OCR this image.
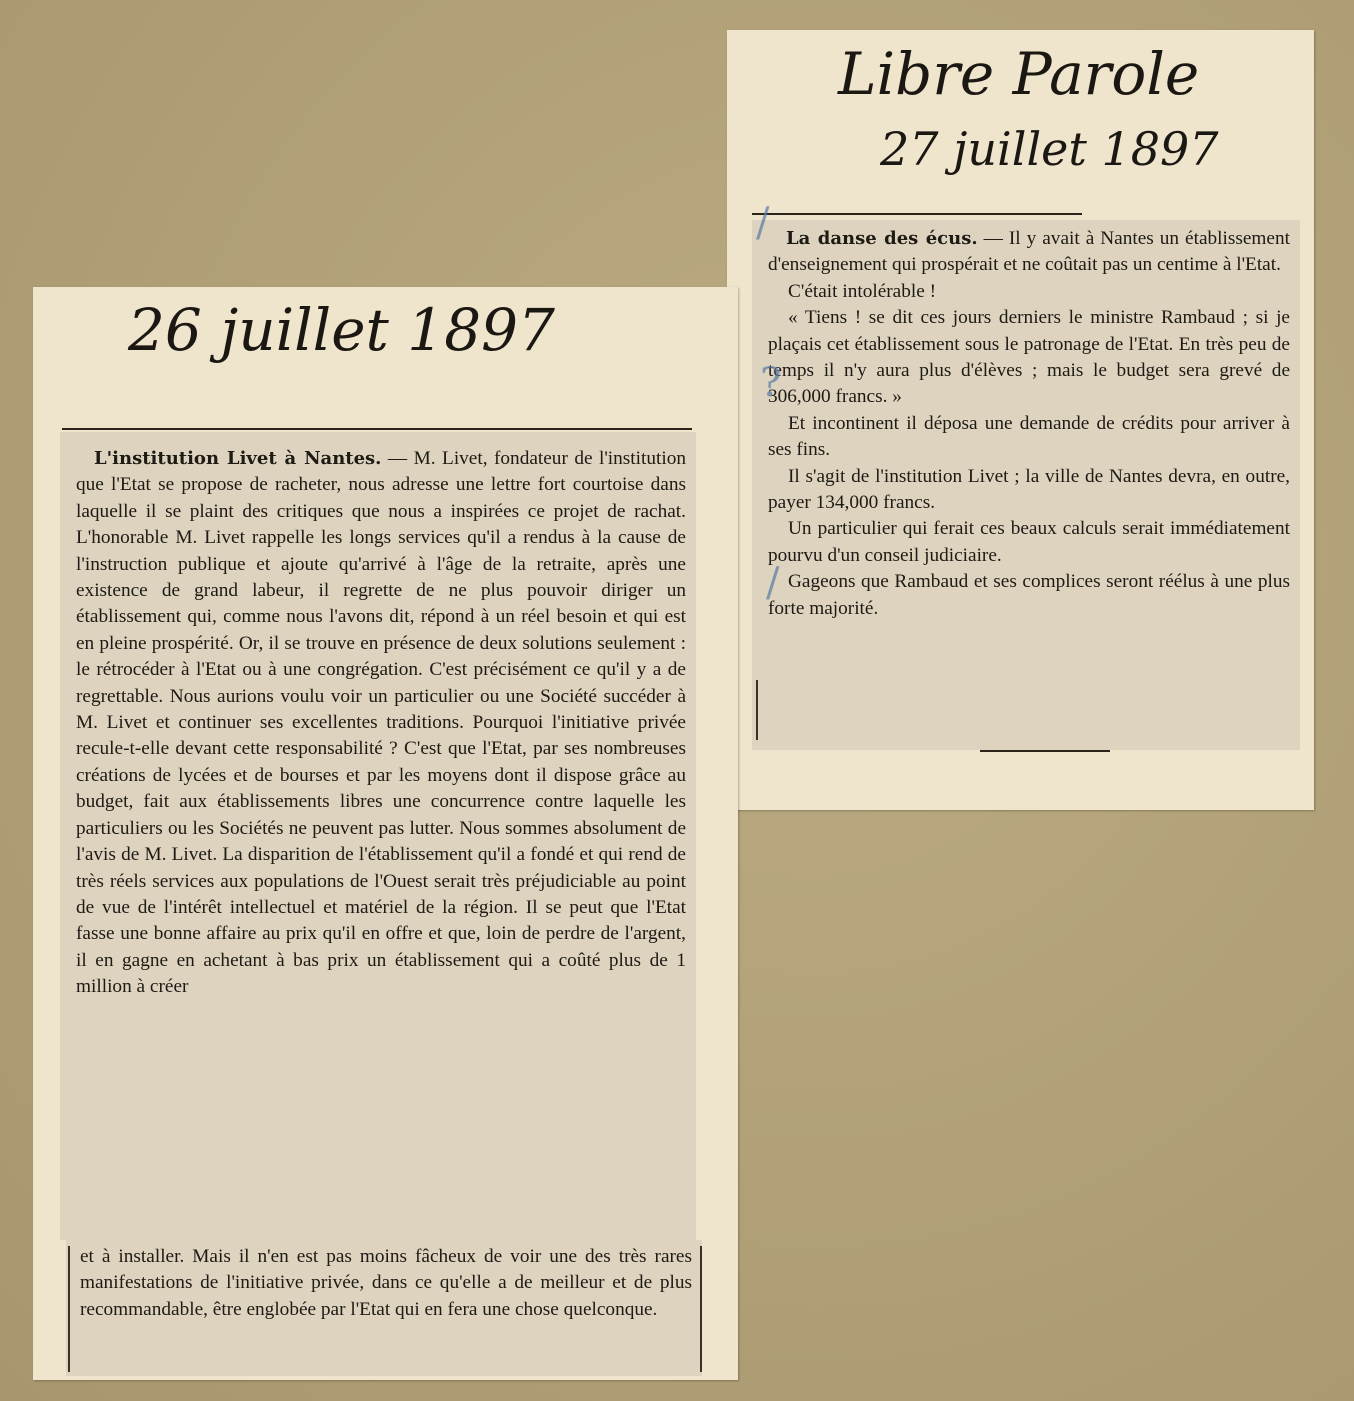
Libre Parole
27 juillet 1897

La danse des écus. — Il y avait à Nantes un établissement d'enseignement qui prospérait et ne coûtait pas un centime à l'Etat.

C'était intolérable !

« Tiens ! se dit ces jours derniers le ministre Rambaud ; si je plaçais cet établissement sous le patronage de l'Etat. En très peu de temps il n'y aura plus d'élèves ; mais le budget sera grevé de 306,000 francs. »

Et incontinent il déposa une demande de crédits pour arriver à ses fins.

Il s'agit de l'institution Livet ; la ville de Nantes devra, en outre, payer 134,000 francs.

Un particulier qui ferait ces beaux calculs serait immédiatement pourvu d'un conseil judiciaire.

Gageons que Rambaud et ses complices seront réélus à une plus forte majorité.

/
?
/
26 juillet 1897

L'institution Livet à Nantes. — M. Livet, fondateur de l'institution que l'Etat se propose de racheter, nous adresse une lettre fort courtoise dans laquelle il se plaint des critiques que nous a inspirées ce projet de rachat. L'honorable M. Livet rappelle les longs services qu'il a rendus à la cause de l'instruction publique et ajoute qu'arrivé à l'âge de la retraite, après une existence de grand labeur, il regrette de ne plus pouvoir diriger un établissement qui, comme nous l'avons dit, répond à un réel besoin et qui est en pleine prospérité. Or, il se trouve en présence de deux solutions seulement : le rétrocéder à l'Etat ou à une congrégation. C'est précisément ce qu'il y a de regrettable. Nous aurions voulu voir un particulier ou une Société succéder à M. Livet et continuer ses excellentes traditions. Pourquoi l'initiative privée recule-t-elle devant cette responsabilité ? C'est que l'Etat, par ses nombreuses créations de lycées et de bourses et par les moyens dont il dispose grâce au budget, fait aux établissements libres une concurrence contre laquelle les particuliers ou les Sociétés ne peuvent pas lutter. Nous sommes absolument de l'avis de M. Livet. La disparition de l'établissement qu'il a fondé et qui rend de très réels services aux populations de l'Ouest serait très préjudiciable au point de vue de l'intérêt intellectuel et matériel de la région. Il se peut que l'Etat fasse une bonne affaire au prix qu'il en offre et que, loin de perdre de l'argent, il en gagne en achetant à bas prix un établissement qui a coûté plus de 1 million à créer

et à installer. Mais il n'en est pas moins fâcheux de voir une des très rares manifestations de l'initiative privée, dans ce qu'elle a de meilleur et de plus recommandable, être englobée par l'Etat qui en fera une chose quelconque.
